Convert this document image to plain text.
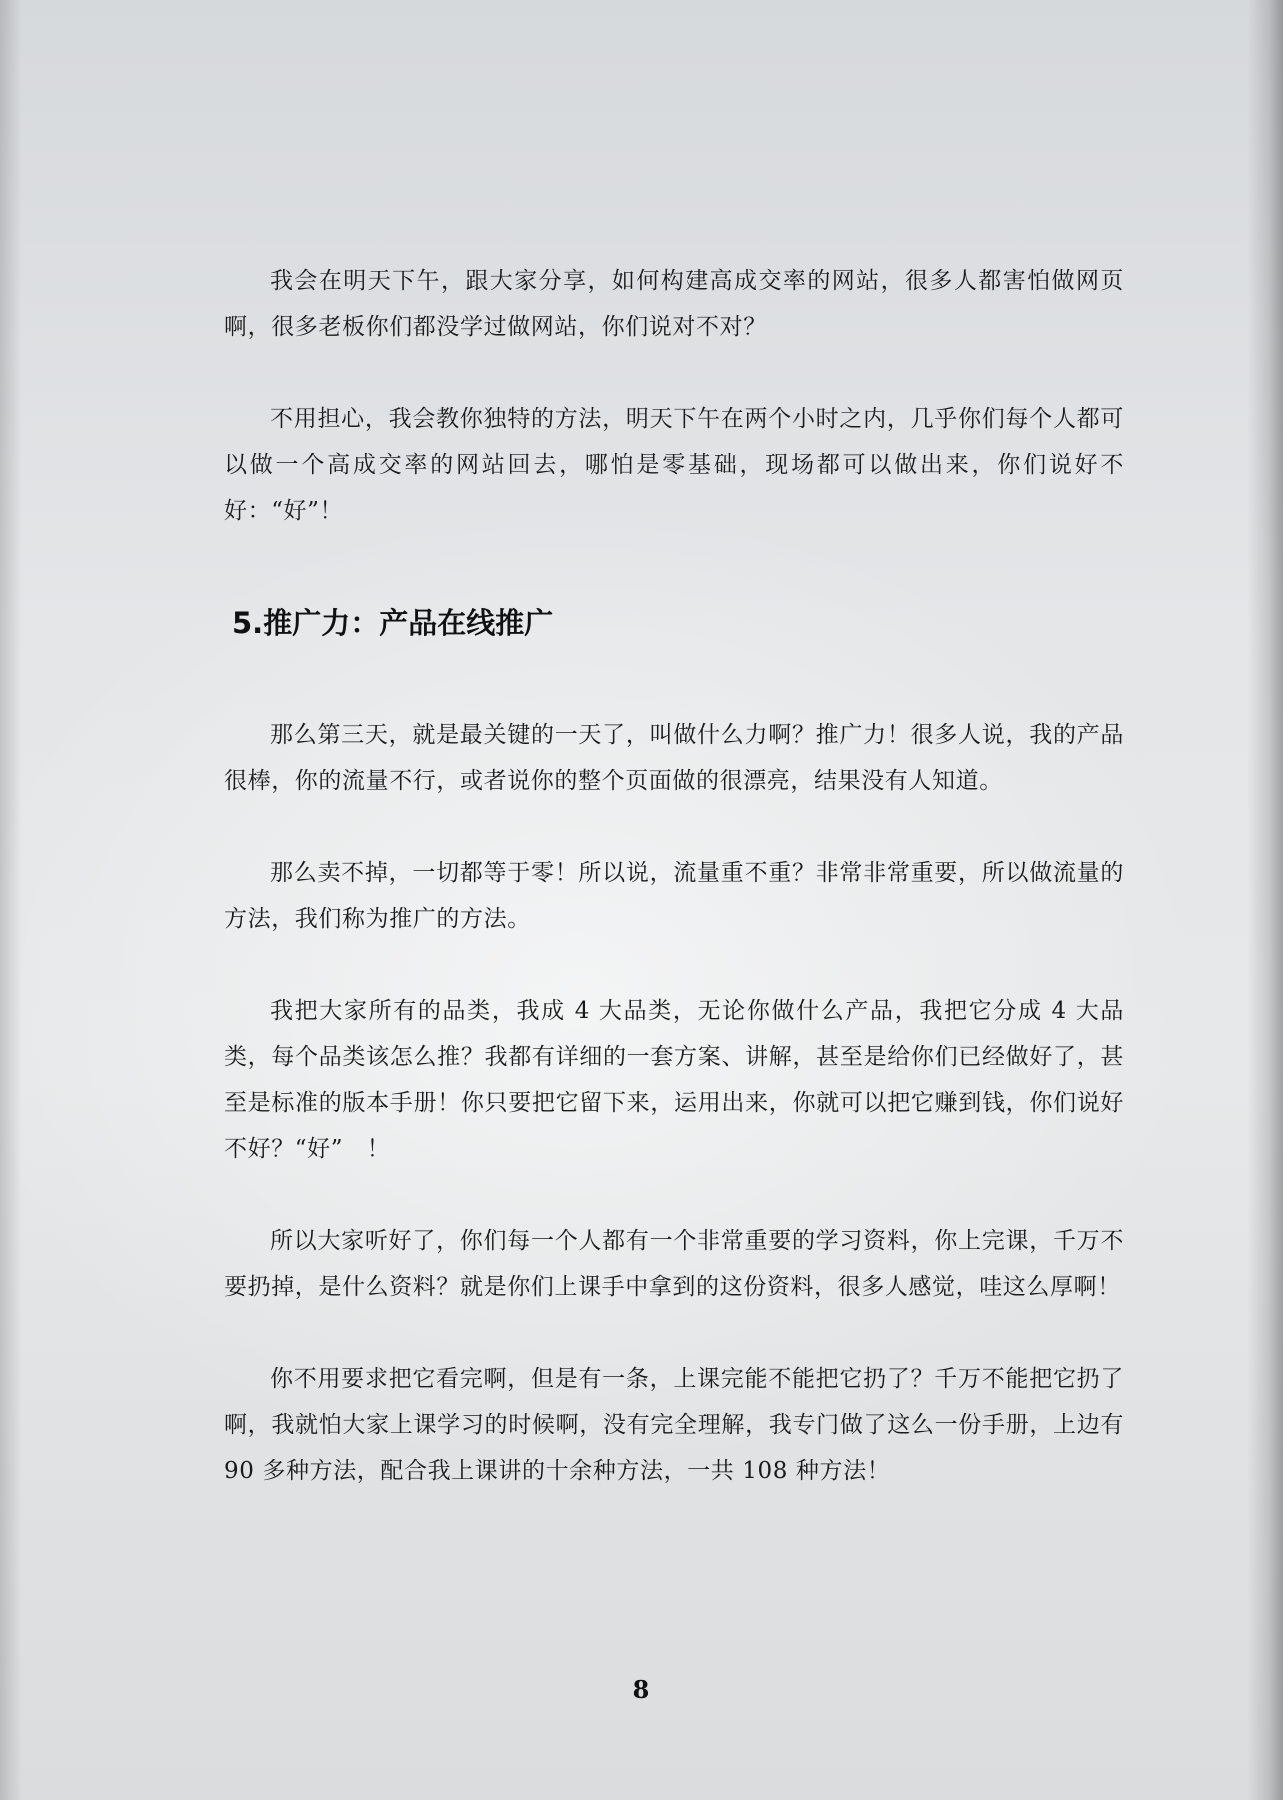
我会在明天下午，跟大家分享，如何构建高成交率的网站，很多人都害怕做网页啊，很多老板你们都没学过做网站，你们说对不对？

不用担心，我会教你独特的方法，明天下午在两个小时之内，几乎你们每个人都可以做一个高成交率的网站回去，哪怕是零基础，现场都可以做出来，你们说好不好：“好”！

5.推广力：产品在线推广

那么第三天，就是最关键的一天了，叫做什么力啊？推广力！很多人说，我的产品很棒，你的流量不行，或者说你的整个页面做的很漂亮，结果没有人知道。

那么卖不掉，一切都等于零！所以说，流量重不重？非常非常重要，所以做流量的方法，我们称为推广的方法。

我把大家所有的品类，我成 4 大品类，无论你做什么产品，我把它分成 4 大品类，每个品类该怎么推？我都有详细的一套方案、讲解，甚至是给你们已经做好了，甚至是标准的版本手册！你只要把它留下来，运用出来，你就可以把它赚到钱，你们说好不好？“好”　！

所以大家听好了，你们每一个人都有一个非常重要的学习资料，你上完课，千万不要扔掉，是什么资料？就是你们上课手中拿到的这份资料，很多人感觉，哇这么厚啊！

你不用要求把它看完啊，但是有一条，上课完能不能把它扔了？千万不能把它扔了啊，我就怕大家上课学习的时候啊，没有完全理解，我专门做了这么一份手册，上边有 90 多种方法，配合我上课讲的十余种方法，一共 108 种方法！

8
